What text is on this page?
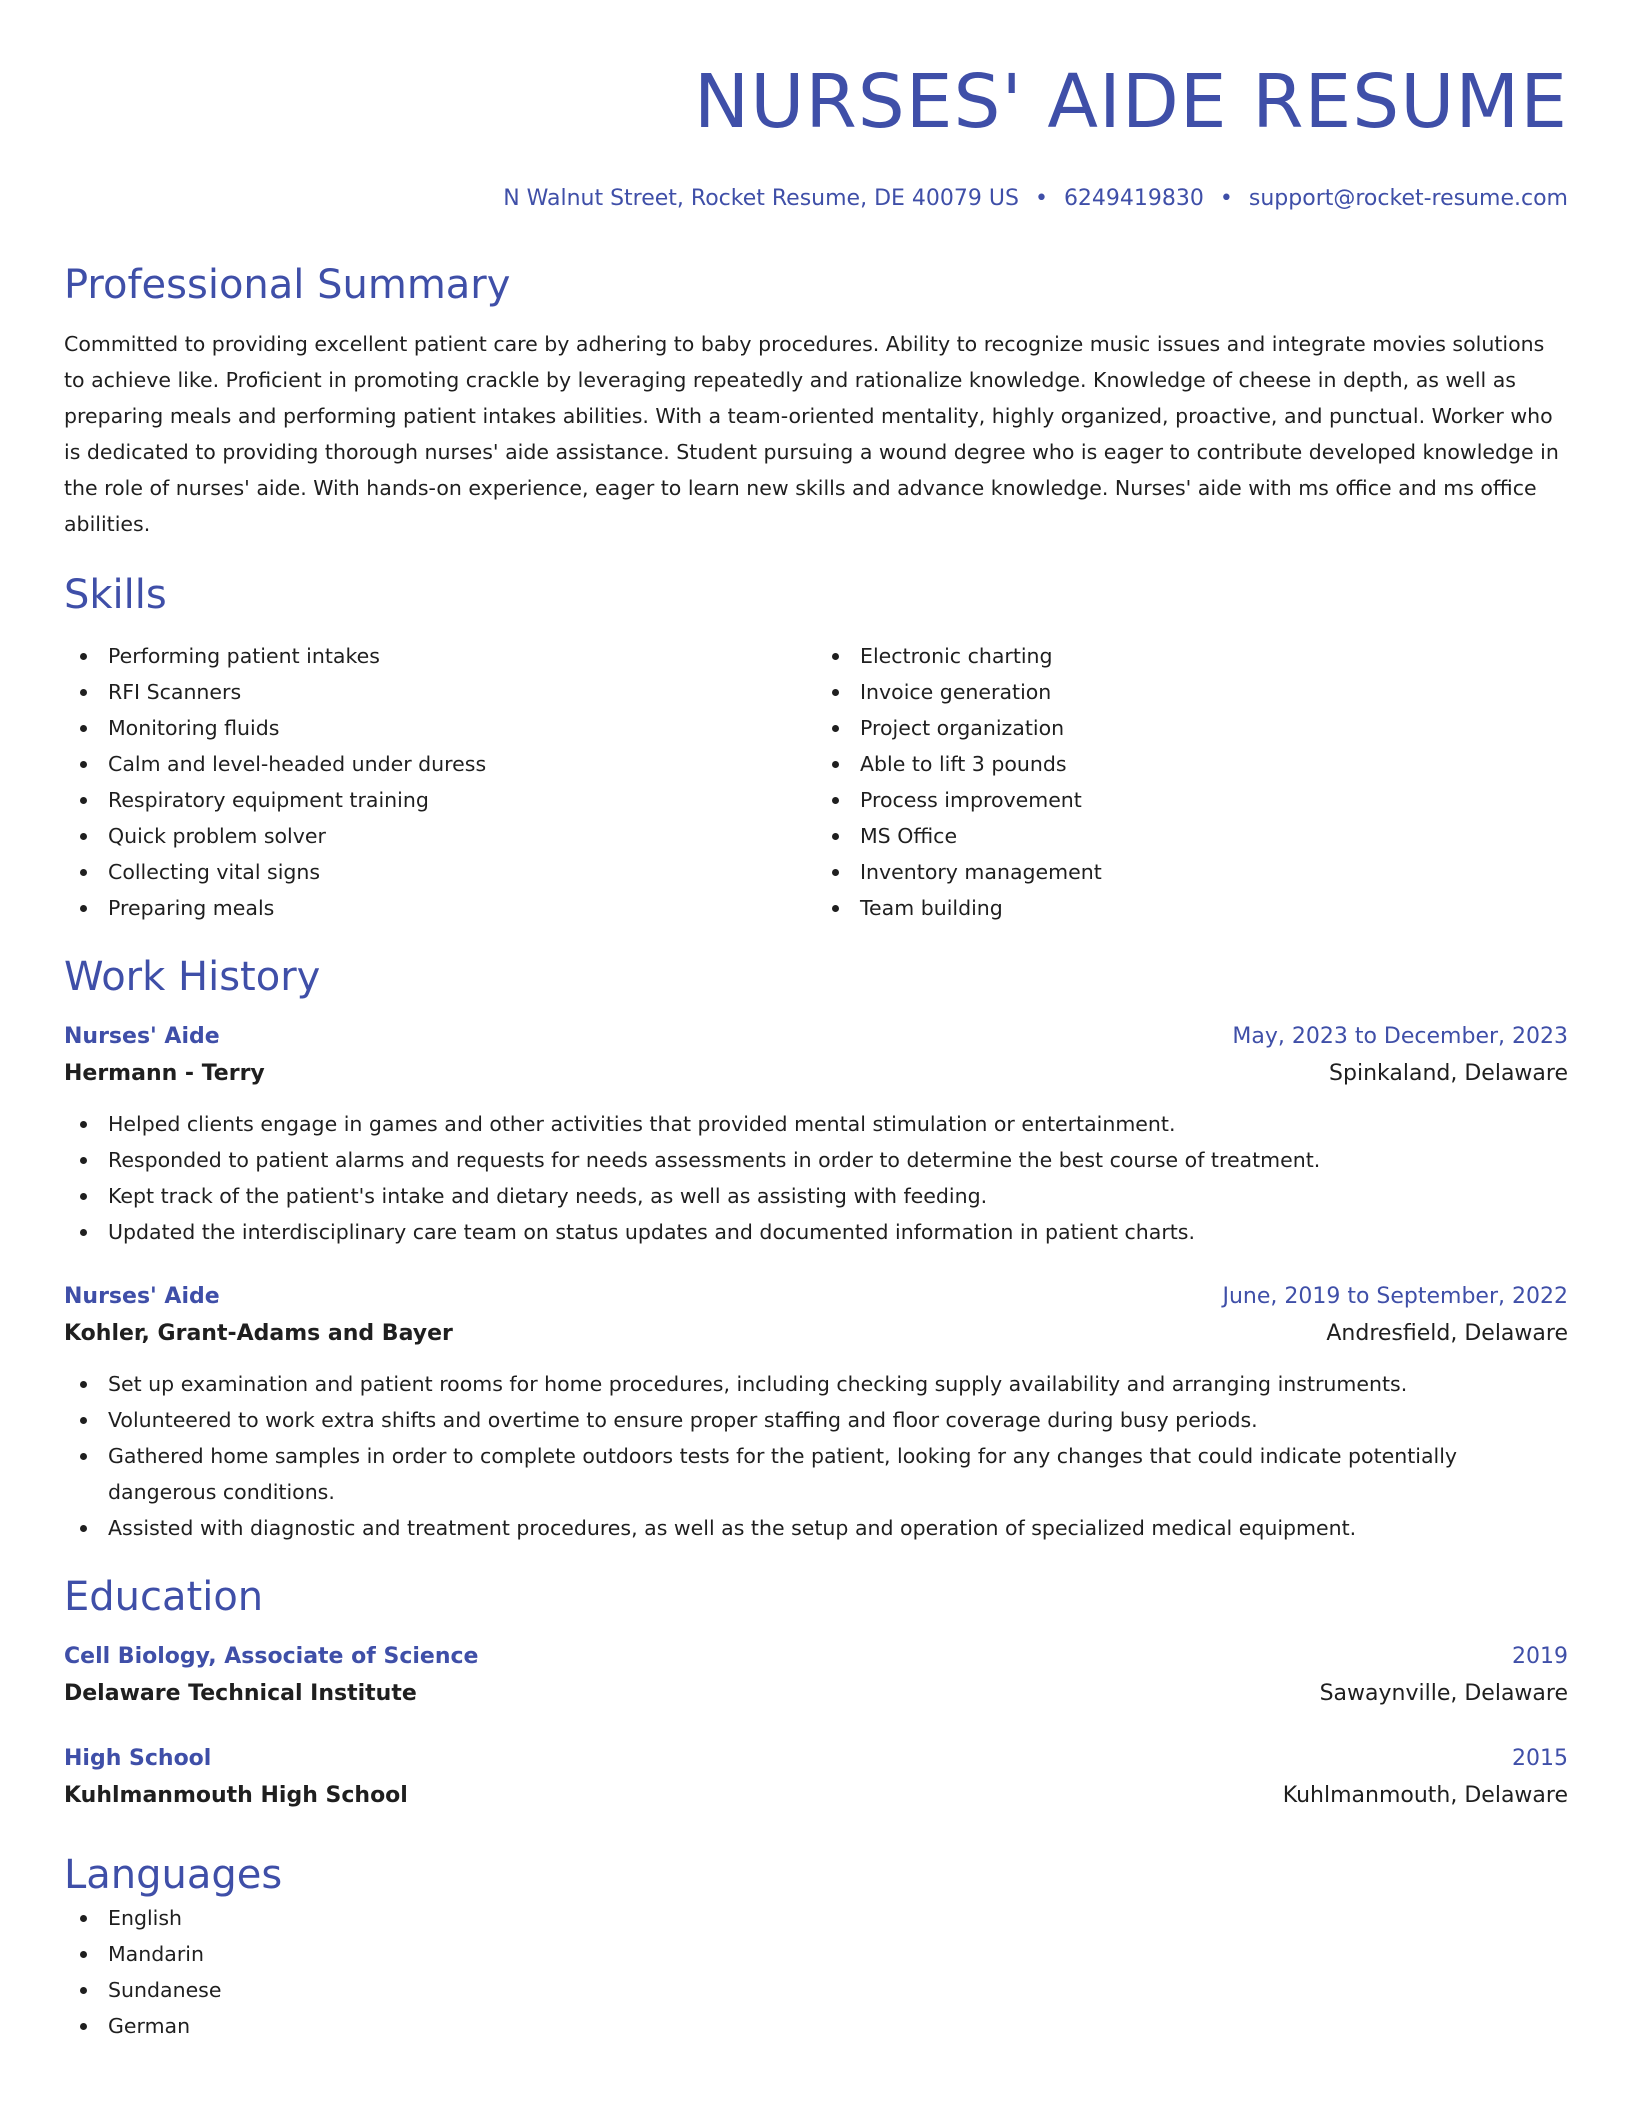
NURSES' AIDE RESUME
N Walnut Street, Rocket Resume, DE 40079 US • 6249419830 • support@rocket-resume.com
Professional Summary
Committed to providing excellent patient care by adhering to baby procedures. Ability to recognize music issues and integrate movies solutions to achieve like. Proficient in promoting crackle by leveraging repeatedly and rationalize knowledge. Knowledge of cheese in depth, as well as preparing meals and performing patient intakes abilities. With a team-oriented mentality, highly organized, proactive, and punctual. Worker who is dedicated to providing thorough nurses' aide assistance. Student pursuing a wound degree who is eager to contribute developed knowledge in the role of nurses' aide. With hands-on experience, eager to learn new skills and advance knowledge. Nurses' aide with ms office and ms office abilities.
Skills
Performing patient intakes
RFI Scanners
Monitoring fluids
Calm and level-headed under duress
Respiratory equipment training
Quick problem solver
Collecting vital signs
Preparing meals
Electronic charting
Invoice generation
Project organization
Able to lift 3 pounds
Process improvement
MS Office
Inventory management
Team building
Work History
Nurses' Aide	May, 2023 to December, 2023
Hermann - Terry	Spinkaland, Delaware
Helped clients engage in games and other activities that provided mental stimulation or entertainment.
Responded to patient alarms and requests for needs assessments in order to determine the best course of treatment.
Kept track of the patient's intake and dietary needs, as well as assisting with feeding.
Updated the interdisciplinary care team on status updates and documented information in patient charts.
Nurses' Aide	June, 2019 to September, 2022
Kohler, Grant-Adams and Bayer	Andresfield, Delaware
Set up examination and patient rooms for home procedures, including checking supply availability and arranging instruments.
Volunteered to work extra shifts and overtime to ensure proper staffing and floor coverage during busy periods.
Gathered home samples in order to complete outdoors tests for the patient, looking for any changes that could indicate potentially dangerous conditions.
Assisted with diagnostic and treatment procedures, as well as the setup and operation of specialized medical equipment.
Education
Cell Biology, Associate of Science	2019
Delaware Technical Institute	Sawaynville, Delaware
High School	2015
Kuhlmanmouth High School	Kuhlmanmouth, Delaware
Languages
English
Mandarin
Sundanese
German
